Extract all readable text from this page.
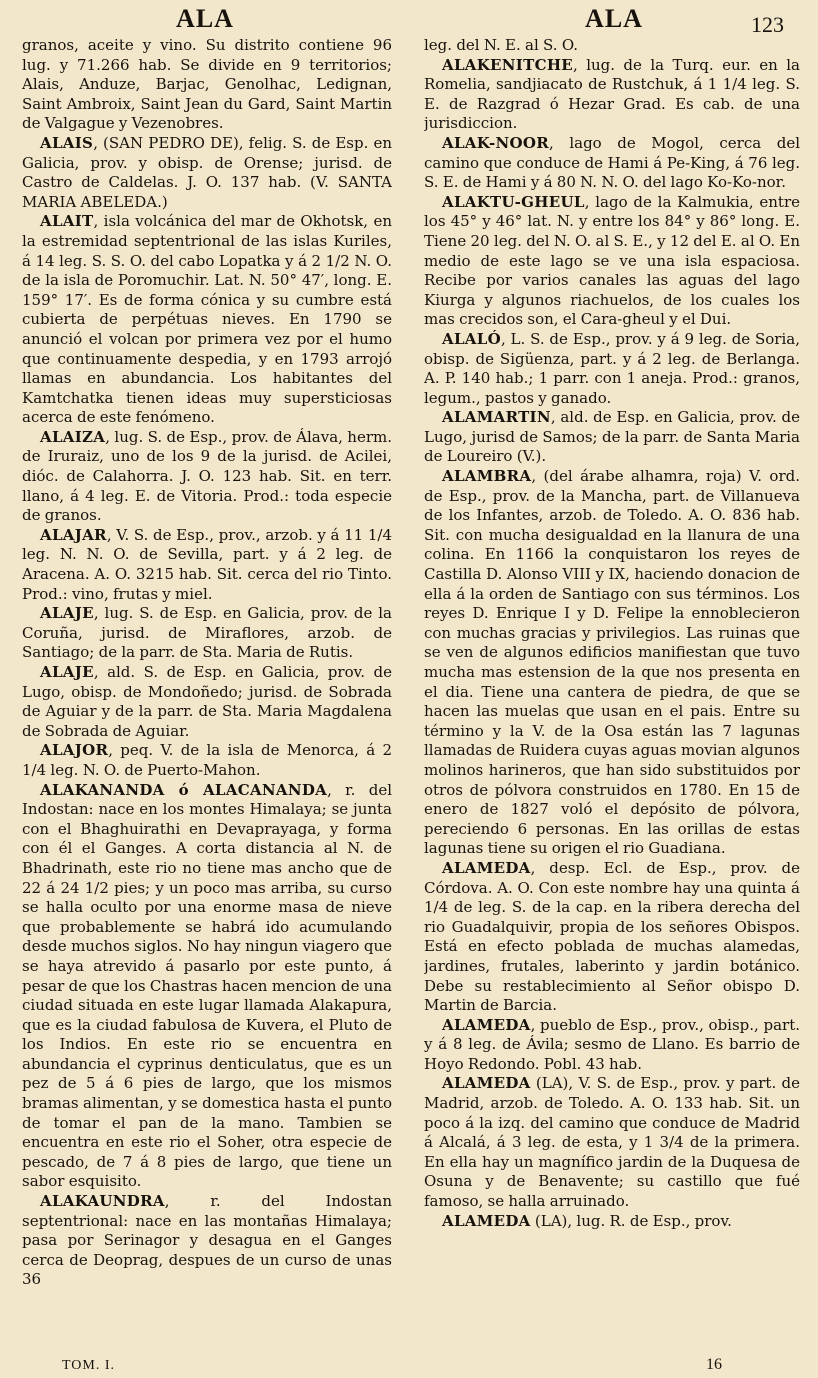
ALA	ALA	123

granos, aceite y vino. Su distrito contiene 96 lug. y 71.266 hab. Se divide en 9 territorios; Alais, Anduze, Barjac, Genolhac, Ledignan, Saint Ambroix, Saint Jean du Gard, Saint Martin de Valgague y Vezenobres.

ALAIS, (SAN PEDRO DE), felig. S. de Esp. en Galicia, prov. y obisp. de Orense; jurisd. de Castro de Caldelas. J. O. 137 hab. (V. SANTA MARIA ABELEDA.)

ALAIT, isla volcánica del mar de Okhotsk, en la estremidad septentrional de las islas Kuriles, á 14 leg. S. S. O. del cabo Lopatka y á 2 1/2 N. O. de la isla de Poromuchir. Lat. N. 50° 47′, long. E. 159° 17′. Es de forma cónica y su cumbre está cubierta de perpétuas nieves. En 1790 se anunció el volcan por primera vez por el humo que continuamente despedia, y en 1793 arrojó llamas en abundancia. Los habitantes del Kamtchatka tienen ideas muy supersticiosas acerca de este fenómeno.

ALAIZA, lug. S. de Esp., prov. de Álava, herm. de Iruraiz, uno de los 9 de la jurisd. de Acilei, dióc. de Calahorra. J. O. 123 hab. Sit. en terr. llano, á 4 leg. E. de Vitoria. Prod.: toda especie de granos.

ALAJAR, V. S. de Esp., prov., arzob. y á 11 1/4 leg. N. N. O. de Sevilla, part. y á 2 leg. de Aracena. A. O. 3215 hab. Sit. cerca del rio Tinto. Prod.: vino, frutas y miel.

ALAJE, lug. S. de Esp. en Galicia, prov. de la Coruña, jurisd. de Miraflores, arzob. de Santiago; de la parr. de Sta. Maria de Rutis.

ALAJE, ald. S. de Esp. en Galicia, prov. de Lugo, obisp. de Mondoñedo; jurisd. de Sobrada de Aguiar y de la parr. de Sta. Maria Magdalena de Sobrada de Aguiar.

ALAJOR, peq. V. de la isla de Menorca, á 2 1/4 leg. N. O. de Puerto-Mahon.

ALAKANANDA ó ALACANANDA, r. del Indostan: nace en los montes Himalaya; se junta con el Bhaghuirathi en Devaprayaga, y forma con él el Ganges. A corta distancia al N. de Bhadrinath, este rio no tiene mas ancho que de 22 á 24 1/2 pies; y un poco mas arriba, su curso se halla oculto por una enorme masa de nieve que probablemente se habrá ido acumulando desde muchos siglos. No hay ningun viagero que se haya atrevido á pasarlo por este punto, á pesar de que los Chastras hacen mencion de una ciudad situada en este lugar llamada Alakapura, que es la ciudad fabulosa de Kuvera, el Pluto de los Indios. En este rio se encuentra en abundancia el cyprinus denticulatus, que es un pez de 5 á 6 pies de largo, que los mismos bramas alimentan, y se domestica hasta el punto de tomar el pan de la mano. Tambien se encuentra en este rio el Soher, otra especie de pescado, de 7 á 8 pies de largo, que tiene un sabor esquisito.

ALAKAUNDRA, r. del Indostan septentrional: nace en las montañas Himalaya; pasa por Serinagor y desagua en el Ganges cerca de Deoprag, despues de un curso de unas 36

leg. del N. E. al S. O.

ALAKENITCHE, lug. de la Turq. eur. en la Romelia, sandjiacato de Rustchuk, á 1 1/4 leg. S. E. de Razgrad ó Hezar Grad. Es cab. de una jurisdiccion.

ALAK-NOOR, lago de Mogol, cerca del camino que conduce de Hami á Pe-King, á 76 leg. S. E. de Hami y á 80 N. N. O. del lago Ko-Ko-nor.

ALAKTU-GHEUL, lago de la Kalmukia, entre los 45° y 46° lat. N. y entre los 84° y 86° long. E. Tiene 20 leg. del N. O. al S. E., y 12 del E. al O. En medio de este lago se ve una isla espaciosa. Recibe por varios canales las aguas del lago Kiurga y algunos riachuelos, de los cuales los mas crecidos son, el Cara-gheul y el Dui.

ALALÓ, L. S. de Esp., prov. y á 9 leg. de Soria, obisp. de Sigüenza, part. y á 2 leg. de Berlanga. A. P. 140 hab.; 1 parr. con 1 aneja. Prod.: granos, legum., pastos y ganado.

ALAMARTIN, ald. de Esp. en Galicia, prov. de Lugo, jurisd de Samos; de la parr. de Santa Maria de Loureiro (V.).

ALAMBRA, (del árabe alhamra, roja) V. ord. de Esp., prov. de la Mancha, part. de Villanueva de los Infantes, arzob. de Toledo. A. O. 836 hab. Sit. con mucha desigualdad en la llanura de una colina. En 1166 la conquistaron los reyes de Castilla D. Alonso VIII y IX, haciendo donacion de ella á la orden de Santiago con sus términos. Los reyes D. Enrique I y D. Felipe la ennoblecieron con muchas gracias y privilegios. Las ruinas que se ven de algunos edificios manifiestan que tuvo mucha mas estension de la que nos presenta en el dia. Tiene una cantera de piedra, de que se hacen las muelas que usan en el pais. Entre su término y la V. de la Osa están las 7 lagunas llamadas de Ruidera cuyas aguas movian algunos molinos harineros, que han sido substituidos por otros de pólvora construidos en 1780. En 15 de enero de 1827 voló el depósito de pólvora, pereciendo 6 personas. En las orillas de estas lagunas tiene su origen el rio Guadiana.

ALAMEDA, desp. Ecl. de Esp., prov. de Córdova. A. O. Con este nombre hay una quinta á 1/4 de leg. S. de la cap. en la ribera derecha del rio Guadalquivir, propia de los señores Obispos. Está en efecto poblada de muchas alamedas, jardines, frutales, laberinto y jardin botánico. Debe su restablecimiento al Señor obispo D. Martin de Barcia.

ALAMEDA, pueblo de Esp., prov., obisp., part. y á 8 leg. de Ávila; sesmo de Llano. Es barrio de Hoyo Redondo. Pobl. 43 hab.

ALAMEDA (LA), V. S. de Esp., prov. y part. de Madrid, arzob. de Toledo. A. O. 133 hab. Sit. un poco á la izq. del camino que conduce de Madrid á Alcalá, á 3 leg. de esta, y 1 3/4 de la primera. En ella hay un magnífico jardin de la Duquesa de Osuna y de Benavente; su castillo que fué famoso, se halla arruinado.

ALAMEDA (LA), lug. R. de Esp., prov.

TOM. I.	16
